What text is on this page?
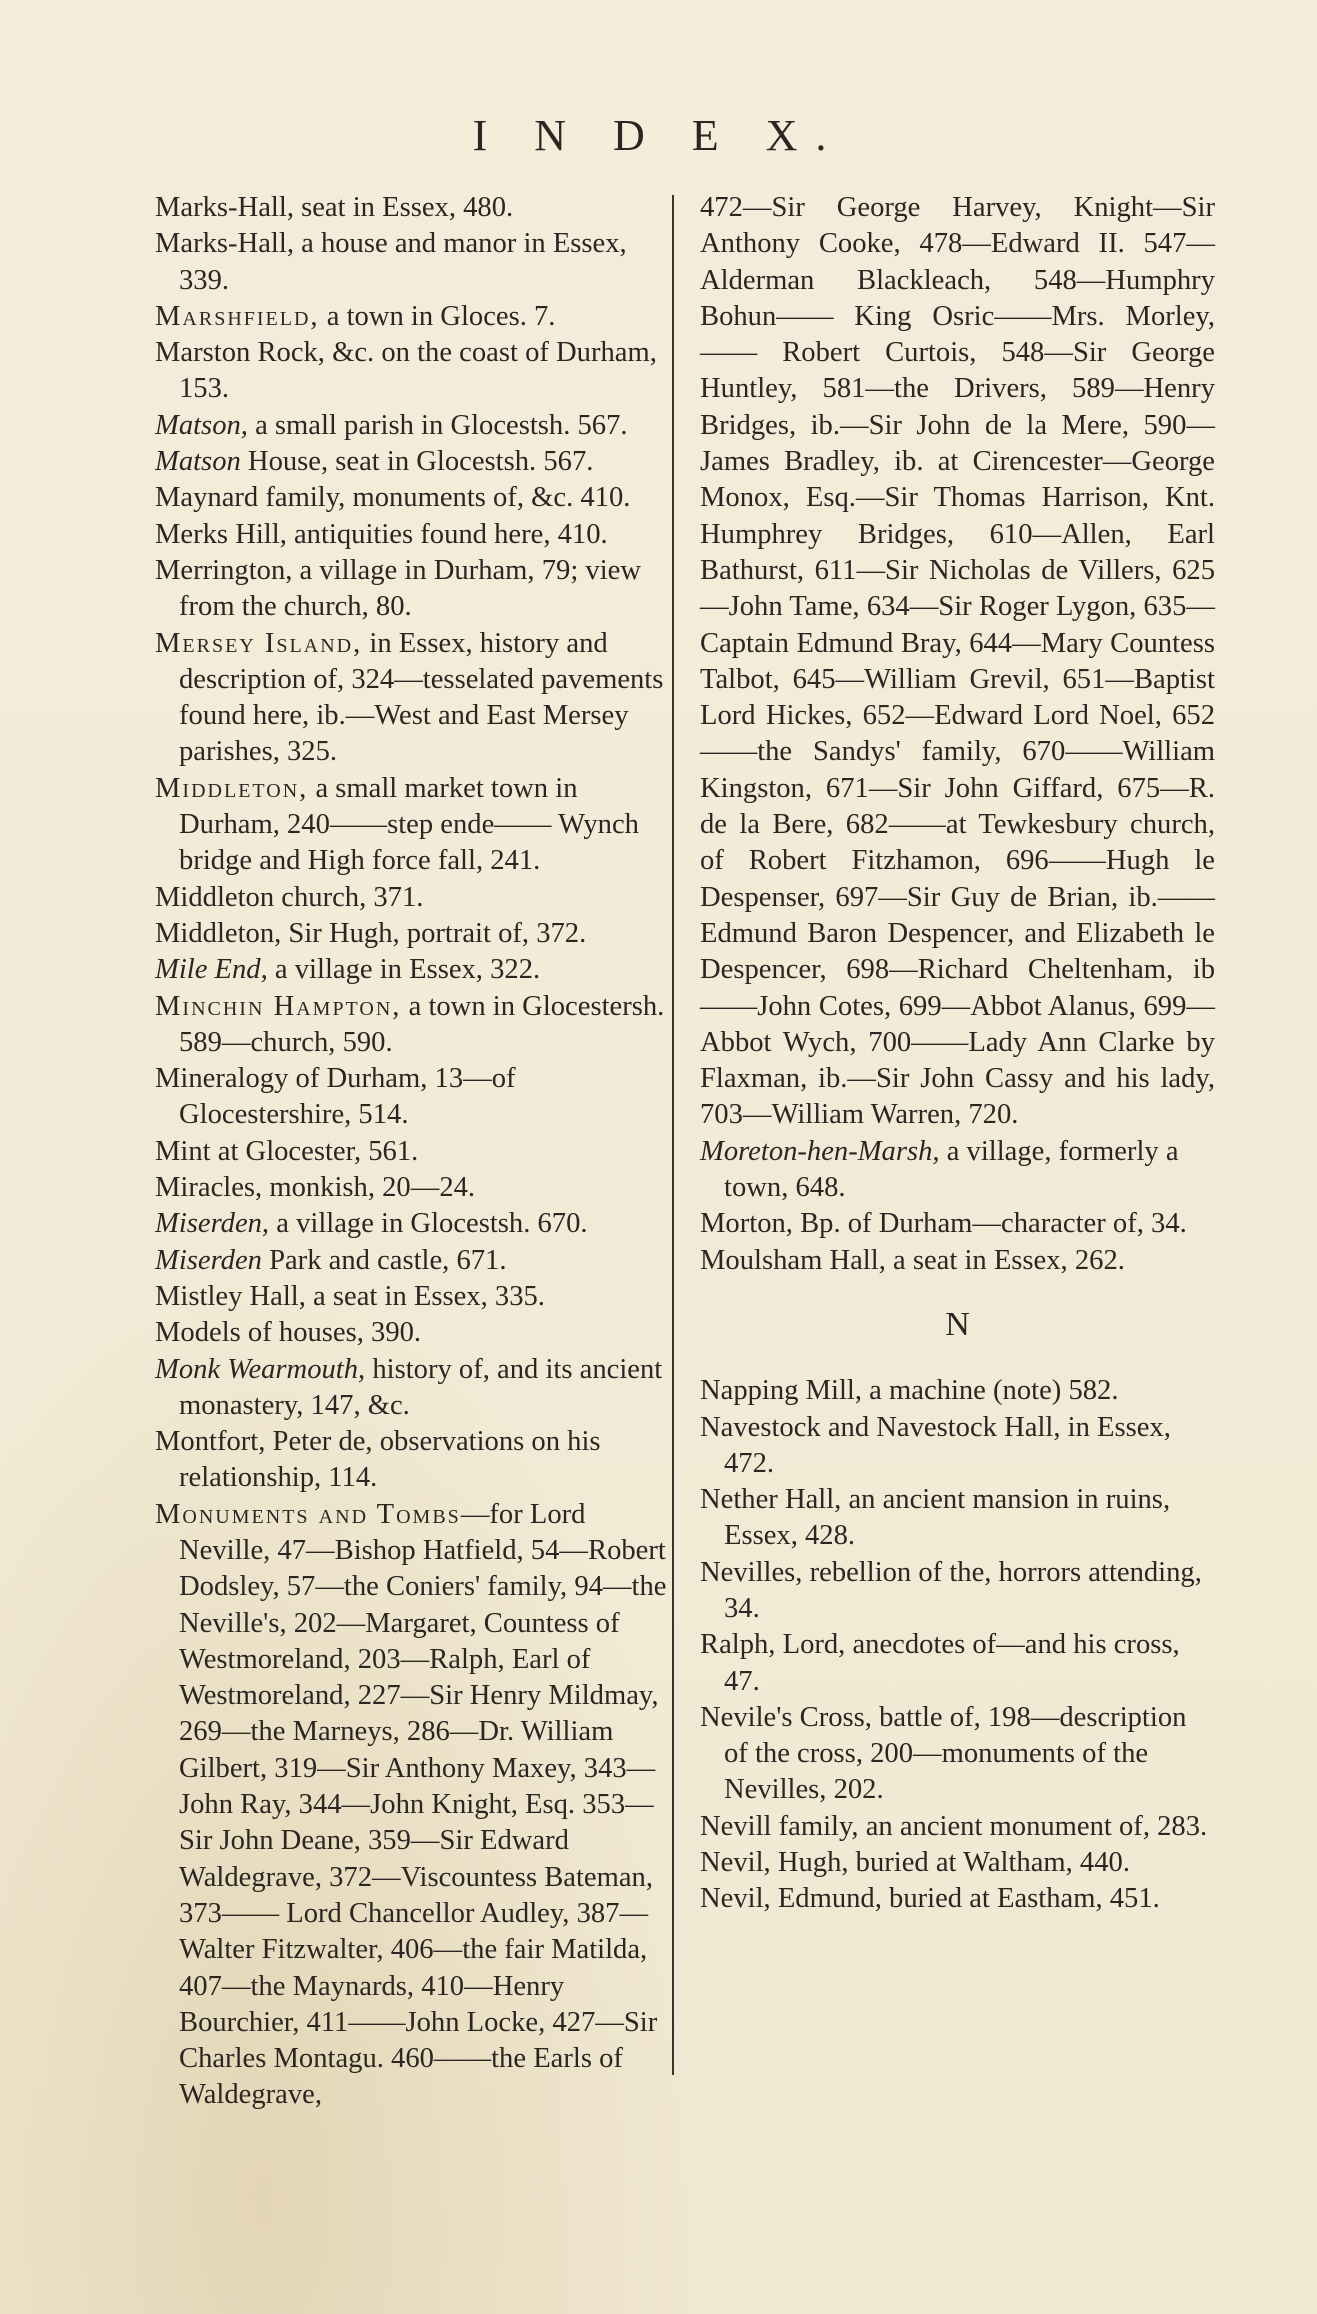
I N D E X.
Marks-Hall, seat in Essex, 480.
Marks-Hall, a house and manor in Essex, 339.
Marshfield, a town in Gloces. 7.
Marston Rock, &c. on the coast of Durham, 153.
Matson, a small parish in Glocestsh. 567.
Matson House, seat in Glocestsh. 567.
Maynard family, monuments of, &c. 410.
Merks Hill, antiquities found here, 410.
Merrington, a village in Durham, 79; view from the church, 80.
Mersey Island, in Essex, history and description of, 324—tesselated pavements found here, ib.—West and East Mersey parishes, 325.
Middleton, a small market town in Durham, 240——step ende—— Wynch bridge and High force fall, 241.
Middleton church, 371.
Middleton, Sir Hugh, portrait of, 372.
Mile End, a village in Essex, 322.
Minchin Hampton, a town in Glocestersh. 589—church, 590.
Mineralogy of Durham, 13—of Glocestershire, 514.
Mint at Glocester, 561.
Miracles, monkish, 20—24.
Miserden, a village in Glocestsh. 670.
Miserden Park and castle, 671.
Mistley Hall, a seat in Essex, 335.
Models of houses, 390.
Monk Wearmouth, history of, and its ancient monastery, 147, &c.
Montfort, Peter de, observations on his relationship, 114.
Monuments and Tombs—for Lord Neville, 47—Bishop Hatfield, 54—Robert Dodsley, 57—the Coniers' family, 94—the Neville's, 202—Margaret, Countess of Westmoreland, 203—Ralph, Earl of Westmoreland, 227—Sir Henry Mildmay, 269—the Marneys, 286—Dr. William Gilbert, 319—Sir Anthony Maxey, 343—John Ray, 344—John Knight, Esq. 353—Sir John Deane, 359—Sir Edward Waldegrave, 372—Viscountess Bateman, 373—— Lord Chancellor Audley, 387—Walter Fitzwalter, 406—the fair Matilda, 407—the Maynards, 410—Henry Bourchier, 411——John Locke, 427—Sir Charles Montagu. 460——the Earls of Waldegrave,
472—Sir George Harvey, Knight—Sir Anthony Cooke, 478—Edward II. 547—Alderman Blackleach, 548—Humphry Bohun—— King Osric——Mrs. Morley,—— Robert Curtois, 548—Sir George Huntley, 581—the Drivers, 589—Henry Bridges, ib.—Sir John de la Mere, 590—James Bradley, ib. at Cirencester—George Monox, Esq.—Sir Thomas Harrison, Knt. Humphrey Bridges, 610—Allen, Earl Bathurst, 611—Sir Nicholas de Villers, 625—John Tame, 634—Sir Roger Lygon, 635—Captain Edmund Bray, 644—Mary Countess Talbot, 645—William Grevil, 651—Baptist Lord Hickes, 652—Edward Lord Noel, 652——the Sandys' family, 670——William Kingston, 671—Sir John Giffard, 675—R. de la Bere, 682——at Tewkesbury church, of Robert Fitzhamon, 696——Hugh le Despenser, 697—Sir Guy de Brian, ib.——Edmund Baron Despencer, and Elizabeth le Despencer, 698—Richard Cheltenham, ib——John Cotes, 699—Abbot Alanus, 699—Abbot Wych, 700——Lady Ann Clarke by Flaxman, ib.—Sir John Cassy and his lady, 703—William Warren, 720.
Moreton-hen-Marsh, a village, formerly a town, 648.
Morton, Bp. of Durham—character of, 34.
Moulsham Hall, a seat in Essex, 262.
N
Napping Mill, a machine (note) 582.
Navestock and Navestock Hall, in Essex, 472.
Nether Hall, an ancient mansion in ruins, Essex, 428.
Nevilles, rebellion of the, horrors attending, 34.
Ralph, Lord, anecdotes of—and his cross, 47.
Nevile's Cross, battle of, 198—description of the cross, 200—monuments of the Nevilles, 202.
Nevill family, an ancient monument of, 283.
Nevil, Hugh, buried at Waltham, 440.
Nevil, Edmund, buried at Eastham, 451.
